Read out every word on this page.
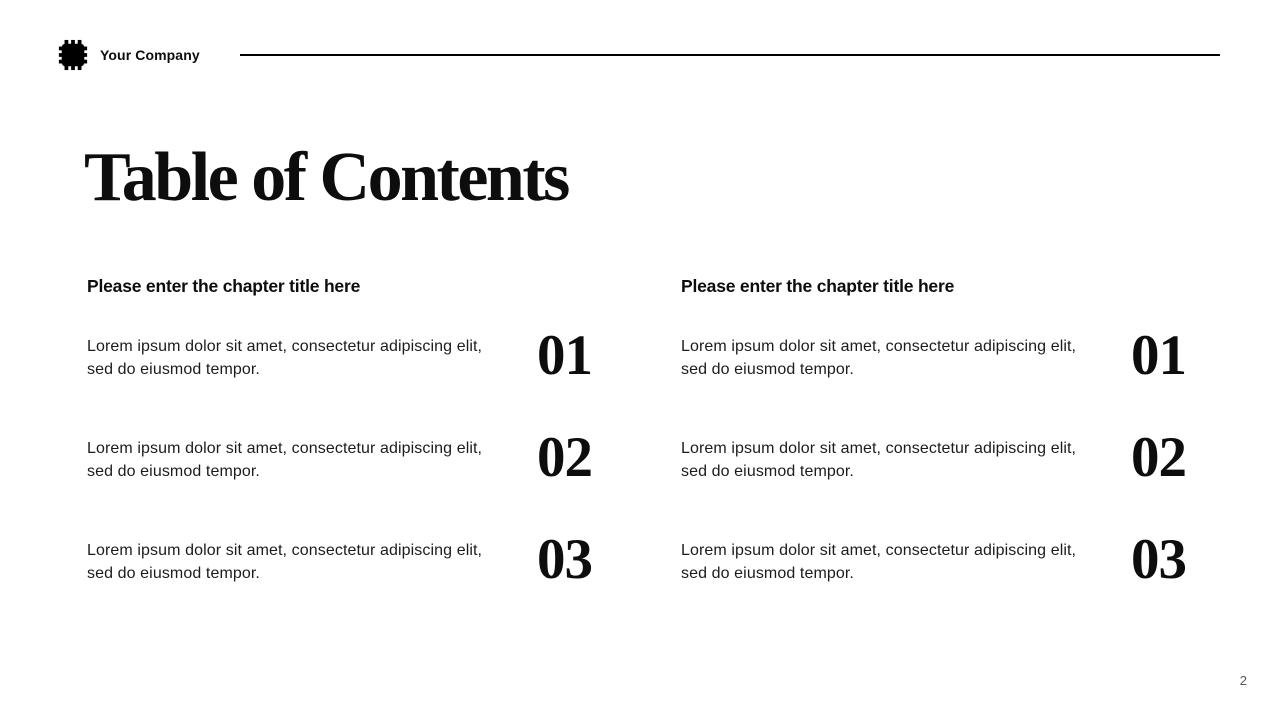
Your Company
Table of Contents
Please enter the chapter title here
Lorem ipsum dolor sit amet, consectetur adipiscing elit, sed do eiusmod tempor.	01
Lorem ipsum dolor sit amet, consectetur adipiscing elit, sed do eiusmod tempor.	02
Lorem ipsum dolor sit amet, consectetur adipiscing elit, sed do eiusmod tempor.	03
Please enter the chapter title here
Lorem ipsum dolor sit amet, consectetur adipiscing elit, sed do eiusmod tempor.	01
Lorem ipsum dolor sit amet, consectetur adipiscing elit, sed do eiusmod tempor.	02
Lorem ipsum dolor sit amet, consectetur adipiscing elit, sed do eiusmod tempor.	03
2
